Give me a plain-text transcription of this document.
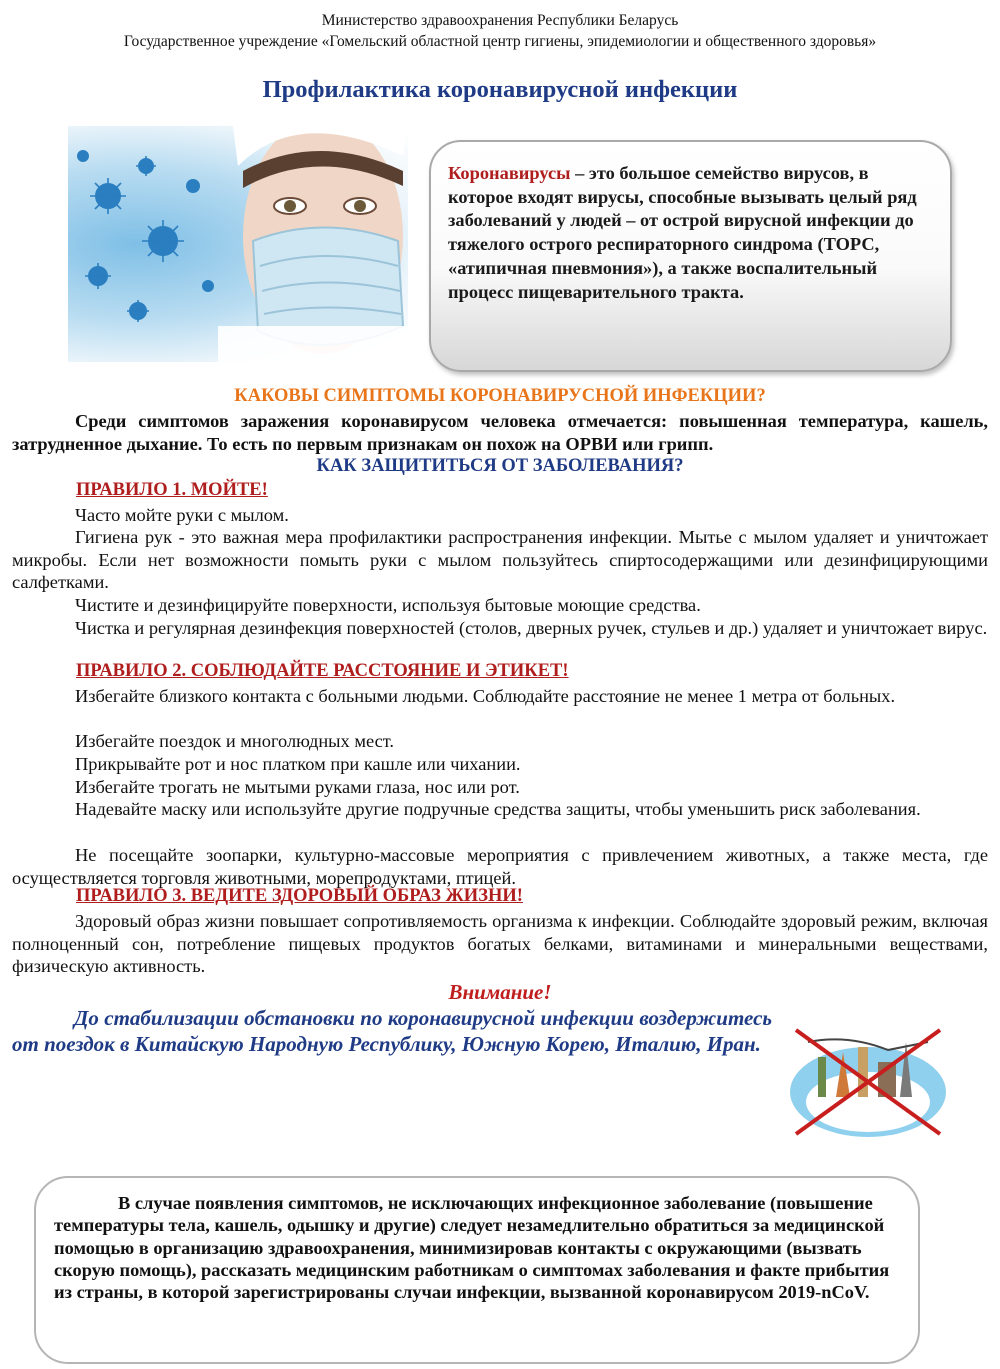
Министерство здравоохранения Республики Беларусь
Государственное учреждение «Гомельский областной центр гигиены, эпидемиологии и общественного здоровья»
Профилактика коронавирусной инфекции

Коронавирусы – это большое семейство вирусов, в которое входят вирусы, способные вызывать целый ряд заболеваний у людей – от острой вирусной инфекции до тяжелого острого респираторного синдрома (ТОРС, «атипичная пневмония»), а также воспалительный процесс пищеварительного тракта.

КАКОВЫ СИМПТОМЫ КОРОНАВИРУСНОЙ ИНФЕКЦИИ?

Среди симптомов заражения коронавирусом человека отмечается: повышенная температура, кашель, затрудненное дыхание. То есть по первым признакам он похож на ОРВИ или грипп.

КАК ЗАЩИТИТЬСЯ ОТ ЗАБОЛЕВАНИЯ?
ПРАВИЛО 1. МОЙТЕ!

Часто мойте руки с мылом.

Гигиена рук - это важная мера профилактики распространения инфекции. Мытье с мылом удаляет и уничтожает микробы. Если нет возможности помыть руки с мылом пользуйтесь спиртосодержащими или дезинфицирующими салфетками.

Чистите и дезинфицируйте поверхности, используя бытовые моющие средства.

Чистка и регулярная дезинфекция поверхностей (столов, дверных ручек, стульев и др.) удаляет и уничтожает вирус.

ПРАВИЛО 2. СОБЛЮДАЙТЕ РАССТОЯНИЕ И ЭТИКЕТ!

Избегайте близкого контакта с больными людьми. Соблюдайте расстояние не менее 1 метра от больных.

Избегайте поездок и многолюдных мест.

Прикрывайте рот и нос платком при кашле или чихании.

Избегайте трогать не мытыми руками глаза, нос или рот.

Надевайте маску или используйте другие подручные средства защиты, чтобы уменьшить риск заболевания.

Не посещайте зоопарки, культурно-массовые мероприятия с привлечением животных, а также места, где осуществляется торговля животными, морепродуктами, птицей.

ПРАВИЛО 3. ВЕДИТЕ ЗДОРОВЫЙ ОБРАЗ ЖИЗНИ!

Здоровый образ жизни повышает сопротивляемость организма к инфекции. Соблюдайте здоровый режим, включая полноценный сон, потребление пищевых продуктов богатых белками, витаминами и минеральными веществами, физическую активность.

Внимание!

До стабилизации обстановки по коронавирусной инфекции воздержитесь от поездок в Китайскую Народную Республику, Южную Корею, Италию, Иран.

В случае появления симптомов, не исключающих инфекционное заболевание (повышение температуры тела, кашель, одышку и другие) следует незамедлительно обратиться за медицинской помощью в организацию здравоохранения, минимизировав контакты с окружающими (вызвать скорую помощь), рассказать медицинским работникам о симптомах заболевания и факте прибытия из страны, в которой зарегистрированы случаи инфекции, вызванной коронавирусом 2019-nCoV.
